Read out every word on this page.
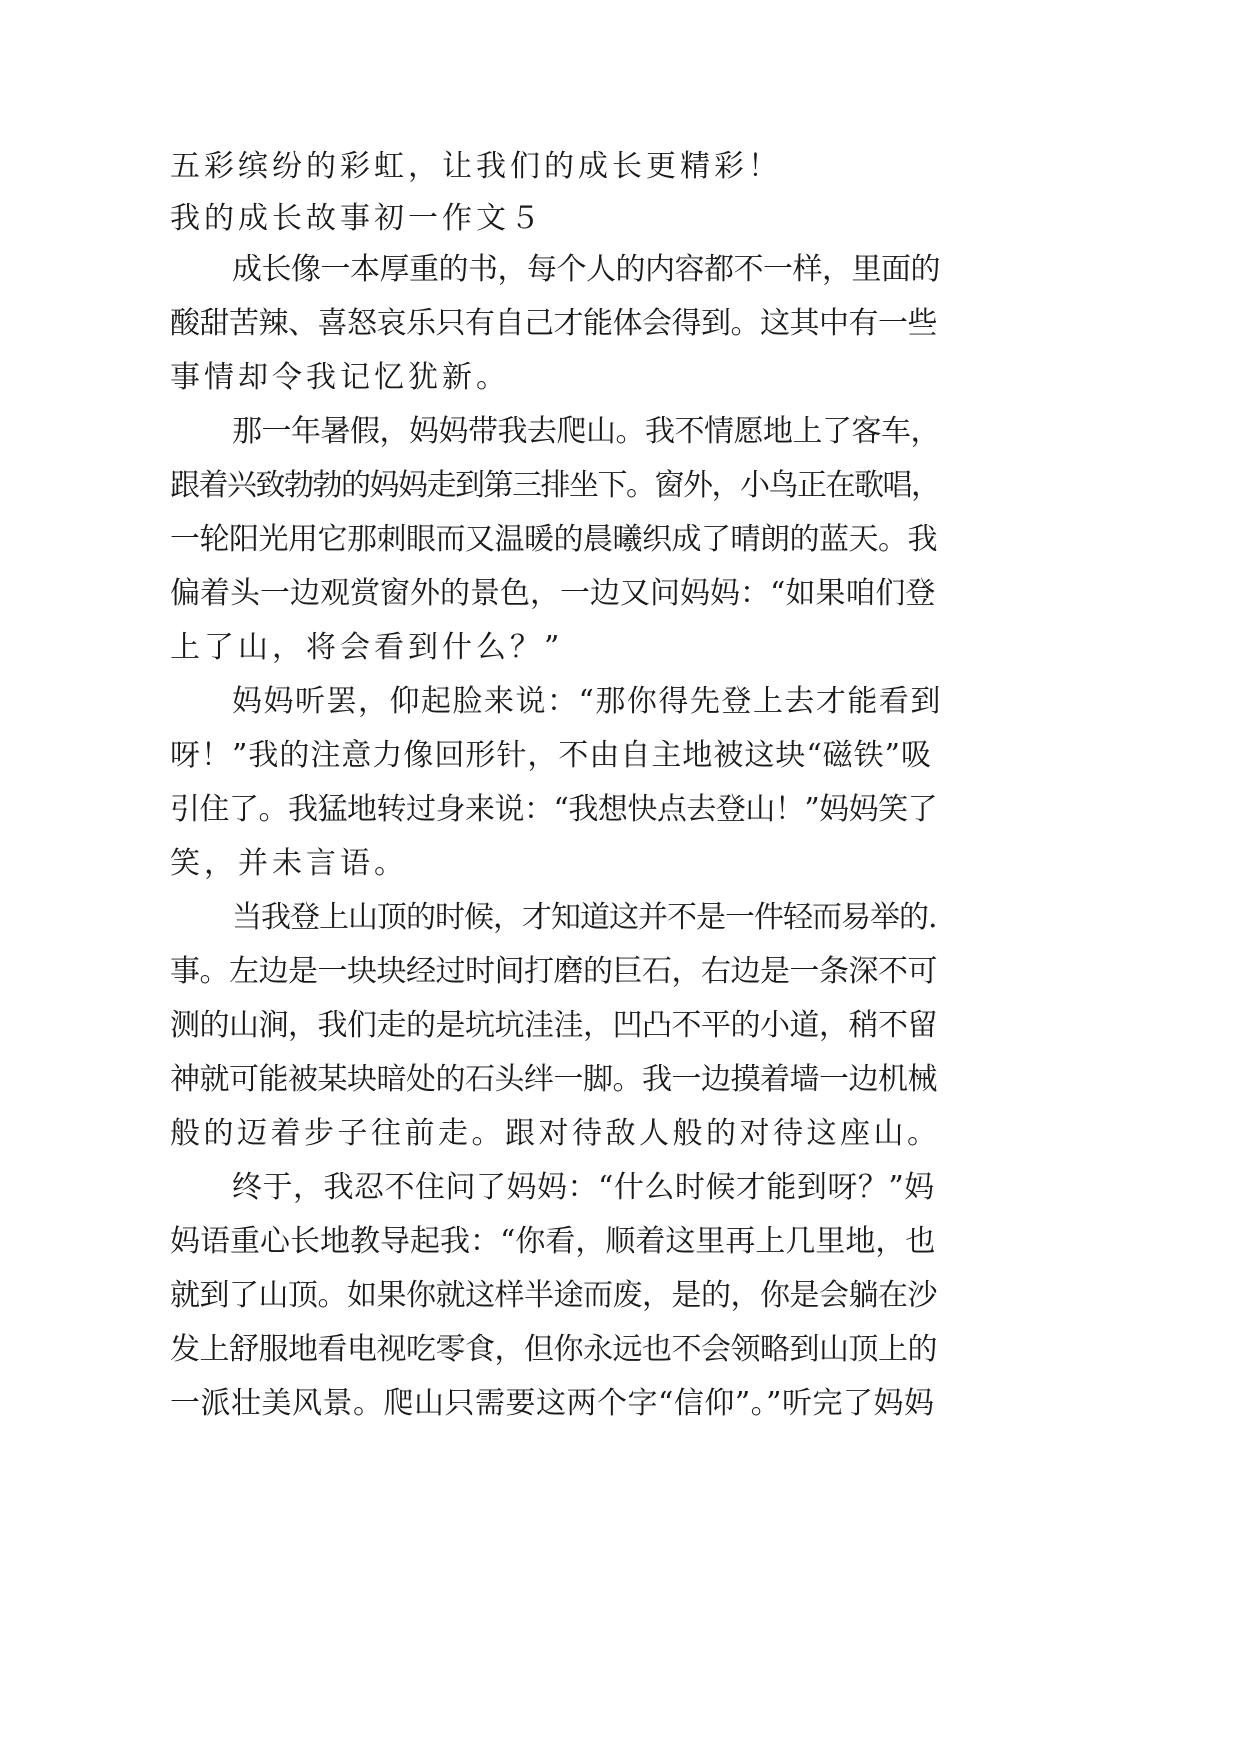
五彩缤纷的彩虹，让我们的成长更精彩！
我的成长故事初一作文５
成长像一本厚重的书，每个人的内容都不一样，里面的
酸甜苦辣、喜怒哀乐只有自己才能体会得到。这其中有一些
事情却令我记忆犹新。
那一年暑假，妈妈带我去爬山。我不情愿地上了客车，
跟着兴致勃勃的妈妈走到第三排坐下。窗外，小鸟正在歌唱，
一轮阳光用它那刺眼而又温暖的晨曦织成了晴朗的蓝天。我
偏着头一边观赏窗外的景色，一边又问妈妈：“如果咱们登
上了山，将会看到什么？”
妈妈听罢，仰起脸来说：“那你得先登上去才能看到
呀！”我的注意力像回形针，不由自主地被这块“磁铁”吸
引住了。我猛地转过身来说：“我想快点去登山！”妈妈笑了
笑，并未言语。
当我登上山顶的时候，才知道这并不是一件轻而易举的.
事。左边是一块块经过时间打磨的巨石，右边是一条深不可
测的山涧，我们走的是坑坑洼洼，凹凸不平的小道，稍不留
神就可能被某块暗处的石头绊一脚。我一边摸着墙一边机械
般的迈着步子往前走。跟对待敌人般的对待这座山。
终于，我忍不住问了妈妈：“什么时候才能到呀？”妈
妈语重心长地教导起我：“你看，顺着这里再上几里地，也
就到了山顶。如果你就这样半途而废，是的，你是会躺在沙
发上舒服地看电视吃零食，但你永远也不会领略到山顶上的
一派壮美风景。爬山只需要这两个字“信仰”。”听完了妈妈
